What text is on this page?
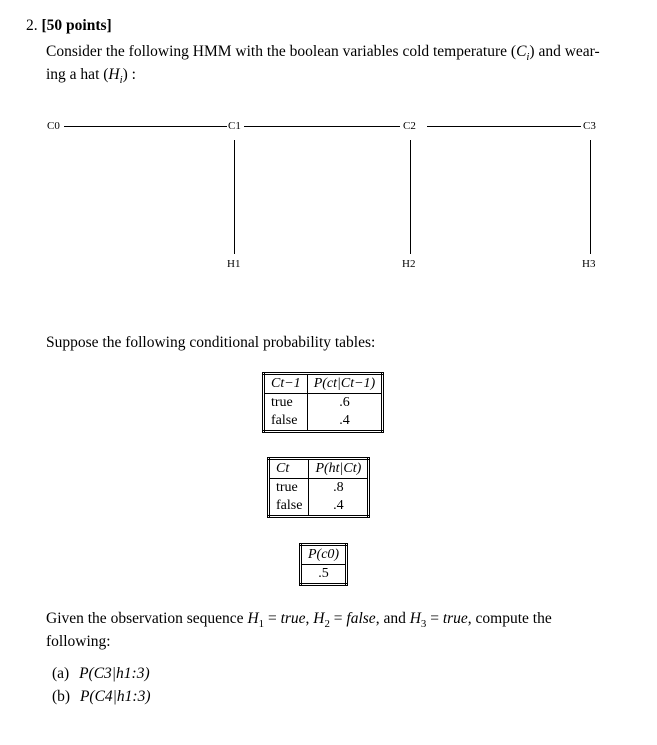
2. [50 points]
Consider the following HMM with the boolean variables cold temperature $(C_i)$ and wear-
ing a hat $(H_i)$ :
C0	C1	C2	C3
H1	H2	H3
Suppose the following conditional probability tables:
Ct−1	P(ct|Ct−1)
true	.6
false	.4
Ct	P(ht|Ct)
true	.8
false	.4
P(c0)
.5
Given the observation sequence $H_1$ = true, $H_2$ = false, and $H_3$ = true, compute the
following:
(a) P(C3|h1:3)
(b) P(C4|h1:3)
